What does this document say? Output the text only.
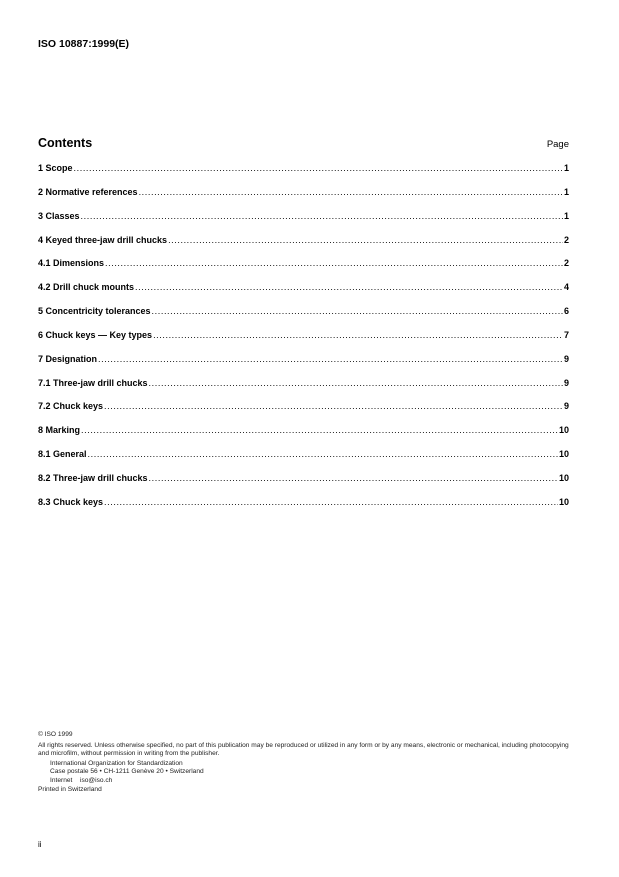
ISO 10887:1999(E)
Contents	Page
1 Scope .....	1
2 Normative references .....	1
3 Classes .....	1
4 Keyed three-jaw drill chucks .....	2
4.1 Dimensions .....	2
4.2 Drill chuck mounts .....	4
5 Concentricity tolerances .....	6
6 Chuck keys — Key types .....	7
7 Designation .....	9
7.1 Three-jaw drill chucks .....	9
7.2 Chuck keys .....	9
8 Marking .....	10
8.1 General .....	10
8.2 Three-jaw drill chucks .....	10
8.3 Chuck keys .....	10

© ISO 1999

All rights reserved. Unless otherwise specified, no part of this publication may be reproduced or utilized in any form or by any means, electronic or mechanical, including photocopying and microfilm, without permission in writing from the publisher.

International Organization for Standardization

Case postale 56 • CH-1211 Genève 20 • Switzerland

Internet iso@iso.ch

Printed in Switzerland

ii
